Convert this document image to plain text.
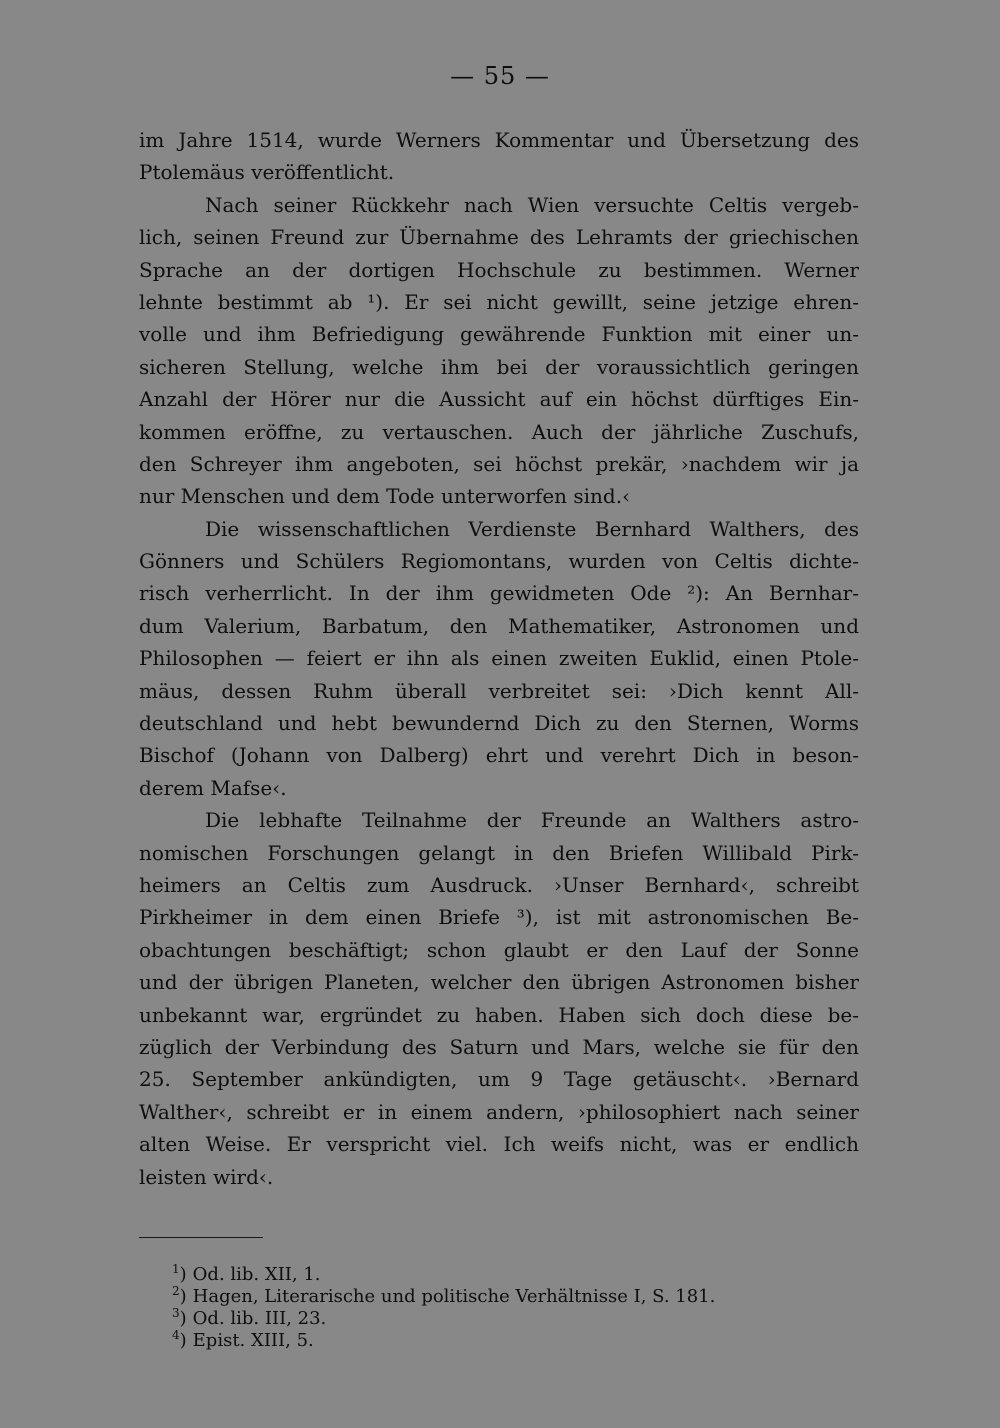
— 55 —
im Jahre 1514, wurde Werners Kommentar und Übersetzung des
Ptolemäus veröffentlicht.
Nach seiner Rückkehr nach Wien versuchte Celtis vergeb-
lich, seinen Freund zur Übernahme des Lehramts der griechischen
Sprache an der dortigen Hochschule zu bestimmen. Werner
lehnte bestimmt ab ¹). Er sei nicht gewillt, seine jetzige ehren-
volle und ihm Befriedigung gewährende Funktion mit einer un-
sicheren Stellung, welche ihm bei der voraussichtlich geringen
Anzahl der Hörer nur die Aussicht auf ein höchst dürftiges Ein-
kommen eröffne, zu vertauschen. Auch der jährliche Zuschufs,
den Schreyer ihm angeboten, sei höchst prekär, ›nachdem wir ja
nur Menschen und dem Tode unterworfen sind.‹
Die wissenschaftlichen Verdienste Bernhard Walthers, des
Gönners und Schülers Regiomontans, wurden von Celtis dichte-
risch verherrlicht. In der ihm gewidmeten Ode ²): An Bernhar-
dum Valerium, Barbatum, den Mathematiker, Astronomen und
Philosophen — feiert er ihn als einen zweiten Euklid, einen Ptole-
mäus, dessen Ruhm überall verbreitet sei: ›Dich kennt All-
deutschland und hebt bewundernd Dich zu den Sternen, Worms
Bischof (Johann von Dalberg) ehrt und verehrt Dich in beson-
derem Mafse‹.
Die lebhafte Teilnahme der Freunde an Walthers astro-
nomischen Forschungen gelangt in den Briefen Willibald Pirk-
heimers an Celtis zum Ausdruck. ›Unser Bernhard‹, schreibt
Pirkheimer in dem einen Briefe ³), ist mit astronomischen Be-
obachtungen beschäftigt; schon glaubt er den Lauf der Sonne
und der übrigen Planeten, welcher den übrigen Astronomen bisher
unbekannt war, ergründet zu haben. Haben sich doch diese be-
züglich der Verbindung des Saturn und Mars, welche sie für den
25. September ankündigten, um 9 Tage getäuscht‹. ›Bernard
Walther‹, schreibt er in einem andern, ›philosophiert nach seiner
alten Weise. Er verspricht viel. Ich weifs nicht, was er endlich
leisten wird‹.
$^1$) Od. lib. XII, 1.
$^2$) Hagen, Literarische und politische Verhältnisse I, S. 181.
$^3$) Od. lib. III, 23.
$^4$) Epist. XIII, 5.
